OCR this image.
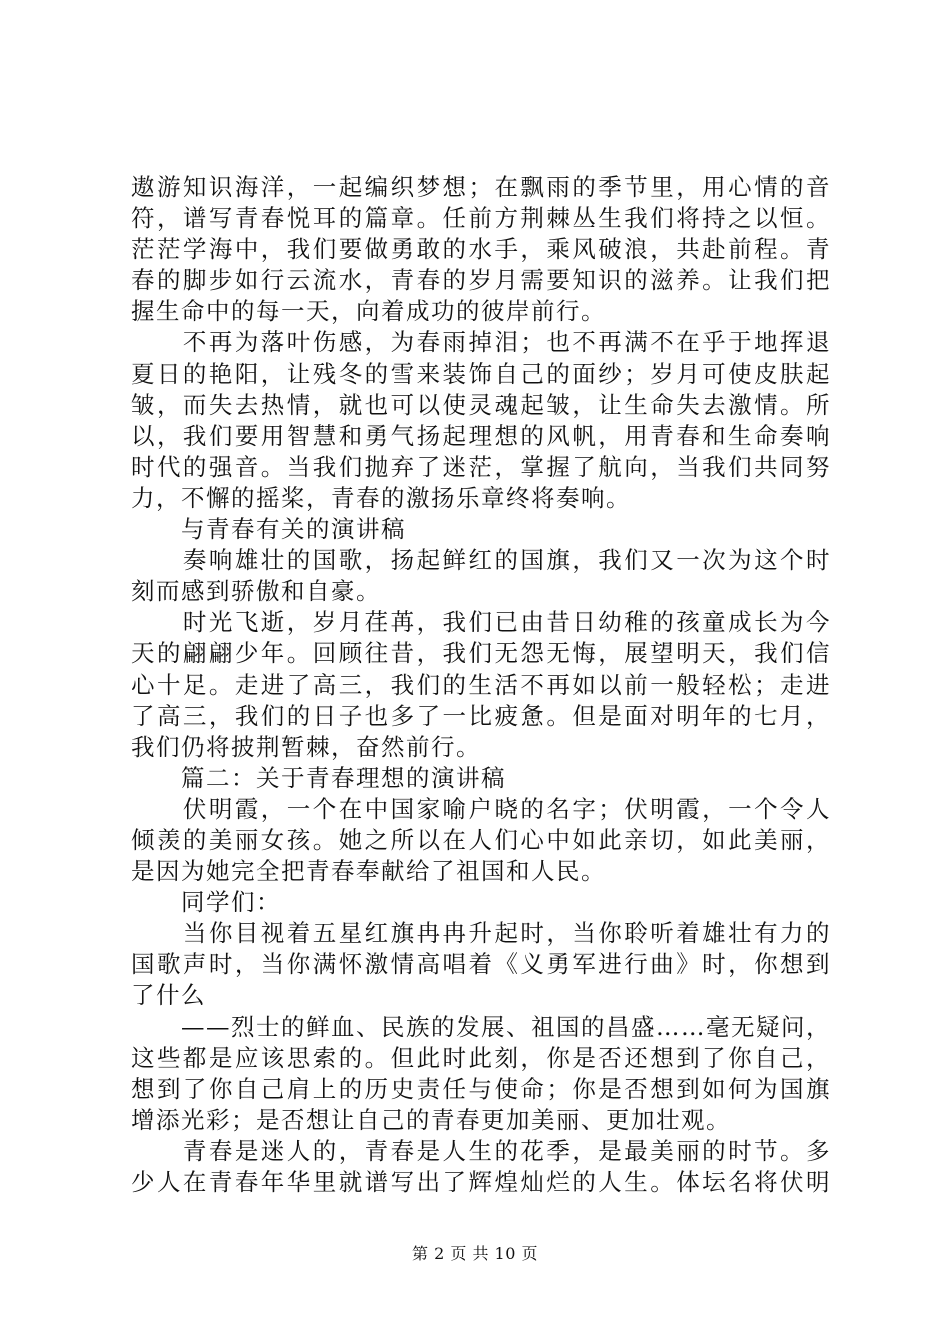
遨游知识海洋，一起编织梦想；在飘雨的季节里，用心情的音
符，谱写青春悦耳的篇章。任前方荆棘丛生我们将持之以恒。
茫茫学海中，我们要做勇敢的水手，乘风破浪，共赴前程。青
春的脚步如行云流水，青春的岁月需要知识的滋养。让我们把
握生命中的每一天，向着成功的彼岸前行。
　　不再为落叶伤感，为春雨掉泪；也不再满不在乎于地挥退
夏日的艳阳，让残冬的雪来装饰自己的面纱；岁月可使皮肤起
皱，而失去热情，就也可以使灵魂起皱，让生命失去激情。所
以，我们要用智慧和勇气扬起理想的风帆，用青春和生命奏响
时代的强音。当我们抛弃了迷茫，掌握了航向，当我们共同努
力，不懈的摇桨，青春的激扬乐章终将奏响。
　　与青春有关的演讲稿
　　奏响雄壮的国歌，扬起鲜红的国旗，我们又一次为这个时
刻而感到骄傲和自豪。
　　时光飞逝，岁月荏苒，我们已由昔日幼稚的孩童成长为今
天的翩翩少年。回顾往昔，我们无怨无悔，展望明天，我们信
心十足。走进了高三，我们的生活不再如以前一般轻松；走进
了高三，我们的日子也多了一比疲惫。但是面对明年的七月，
我们仍将披荆暂棘，奋然前行。
　　篇二：关于青春理想的演讲稿
　　伏明霞，一个在中国家喻户晓的名字；伏明霞，一个令人
倾羡的美丽女孩。她之所以在人们心中如此亲切，如此美丽，
是因为她完全把青春奉献给了祖国和人民。
　　同学们：
　　当你目视着五星红旗冉冉升起时，当你聆听着雄壮有力的
国歌声时，当你满怀激情高唱着《义勇军进行曲》时，你想到
了什么
　　——烈士的鲜血、民族的发展、祖国的昌盛……毫无疑问，
这些都是应该思索的。但此时此刻，你是否还想到了你自己，
想到了你自己肩上的历史责任与使命；你是否想到如何为国旗
增添光彩；是否想让自己的青春更加美丽、更加壮观。
　　青春是迷人的，青春是人生的花季，是最美丽的时节。多
少人在青春年华里就谱写出了辉煌灿烂的人生。体坛名将伏明
第 2 页 共 10 页
